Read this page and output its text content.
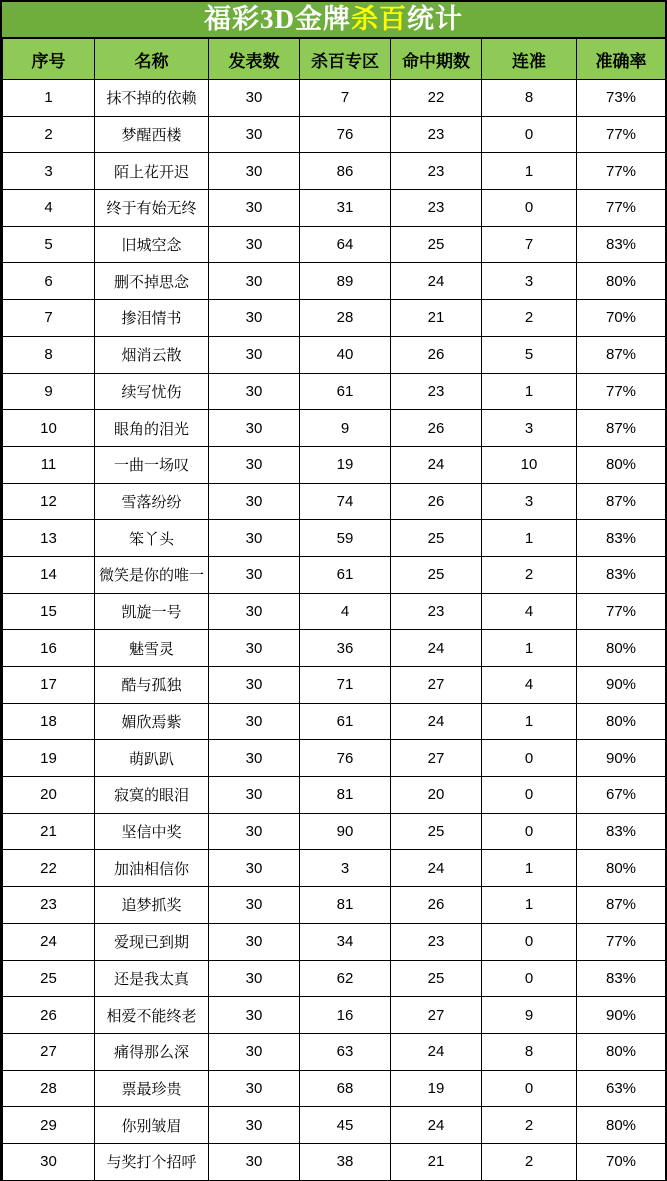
福彩3D金牌 杀百 统计
序号	名称	发表数	杀百专区	命中期数	连准	准确率
1	抹不掉的依赖	30	7	22	8	73%
2	梦醒西楼	30	76	23	0	77%
3	陌上花开迟	30	86	23	1	77%
4	终于有始无终	30	31	23	0	77%
5	旧城空念	30	64	25	7	83%
6	删不掉思念	30	89	24	3	80%
7	掺泪情书	30	28	21	2	70%
8	烟消云散	30	40	26	5	87%
9	续写忧伤	30	61	23	1	77%
10	眼角的泪光	30	9	26	3	87%
11	一曲一场叹	30	19	24	10	80%
12	雪落纷纷	30	74	26	3	87%
13	笨丫头	30	59	25	1	83%
14	微笑是你的唯一	30	61	25	2	83%
15	凯旋一号	30	4	23	4	77%
16	魅雪灵	30	36	24	1	80%
17	酷与孤独	30	71	27	4	90%
18	媚欣焉紫	30	61	24	1	80%
19	萌趴趴	30	76	27	0	90%
20	寂寞的眼泪	30	81	20	0	67%
21	坚信中奖	30	90	25	0	83%
22	加油相信你	30	3	24	1	80%
23	追梦抓奖	30	81	26	1	87%
24	爱现已到期	30	34	23	0	77%
25	还是我太真	30	62	25	0	83%
26	相爱不能终老	30	16	27	9	90%
27	痛得那么深	30	63	24	8	80%
28	票最珍贵	30	68	19	0	63%
29	你别皱眉	30	45	24	2	80%
30	与奖打个招呼	30	38	21	2	70%
